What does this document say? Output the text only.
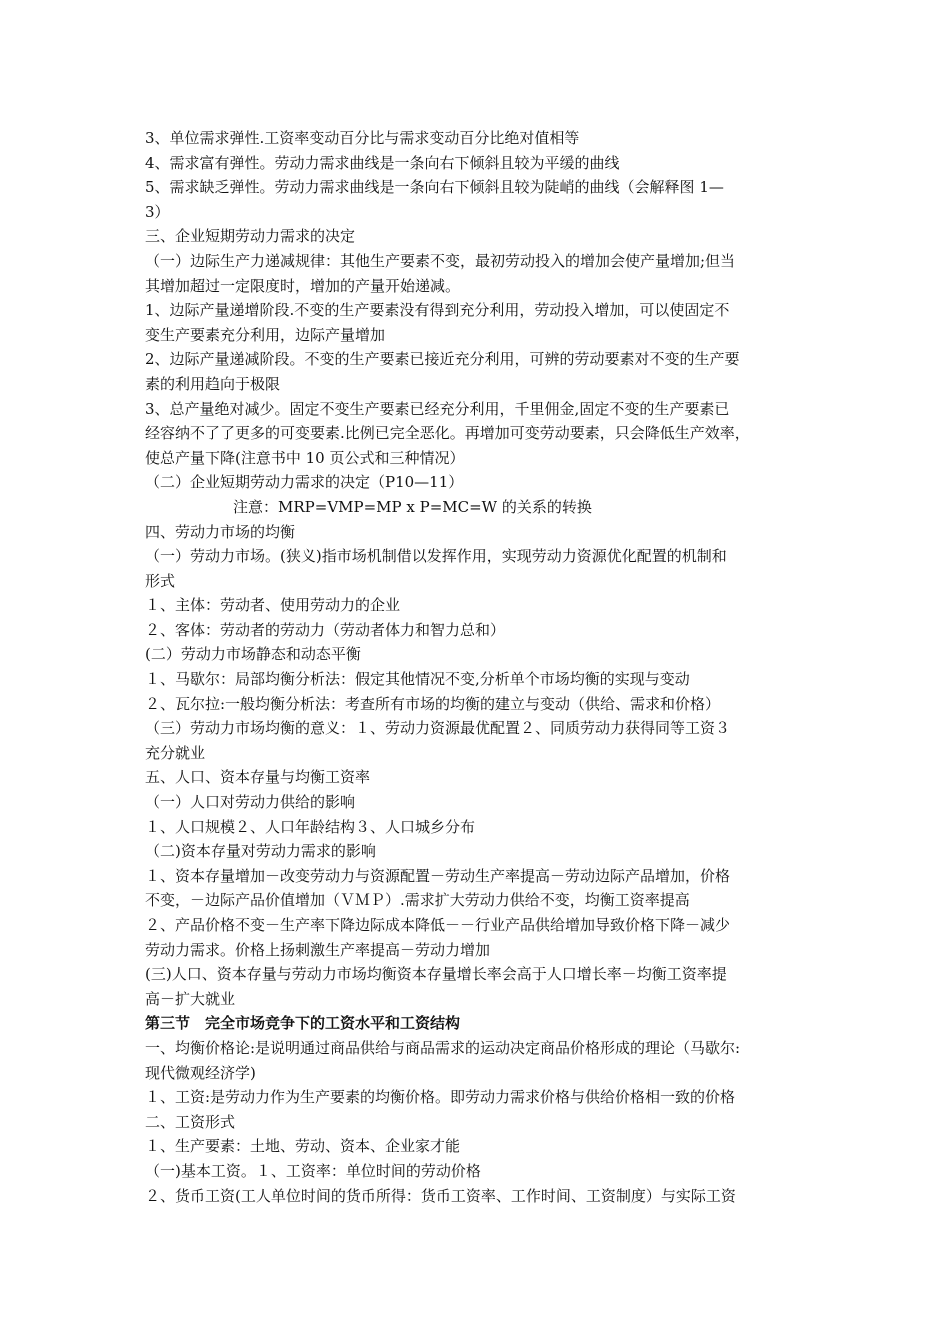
3、单位需求弹性.工资率变动百分比与需求变动百分比绝对值相等
4、需求富有弹性。劳动力需求曲线是一条向右下倾斜且较为平缓的曲线
5、需求缺乏弹性。劳动力需求曲线是一条向右下倾斜且较为陡峭的曲线（会解释图 1—
3）
三、企业短期劳动力需求的决定
（一）边际生产力递减规律：其他生产要素不变，最初劳动投入的增加会使产量增加;但当
其增加超过一定限度时，增加的产量开始递减。
1、边际产量递增阶段.不变的生产要素没有得到充分利用，劳动投入增加，可以使固定不
变生产要素充分利用，边际产量增加
2、边际产量递减阶段。不变的生产要素已接近充分利用，可辨的劳动要素对不变的生产要
素的利用趋向于极限
3、总产量绝对减少。固定不变生产要素已经充分利用，千里佣金,固定不变的生产要素已
经容纳不了了更多的可变要素.比例已完全恶化。再增加可变劳动要素，只会降低生产效率，
使总产量下降(注意书中 10 页公式和三种情况）
（二）企业短期劳动力需求的决定（P10—11）
注意：MRP=VMP=MP x P=MC=W 的关系的转换
四、劳动力市场的均衡
（一）劳动力市场。(狭义)指市场机制借以发挥作用，实现劳动力资源优化配置的机制和
形式
１、主体：劳动者、使用劳动力的企业
２、客体：劳动者的劳动力（劳动者体力和智力总和）
(二）劳动力市场静态和动态平衡
１、马歇尔：局部均衡分析法：假定其他情况不变,分析单个市场均衡的实现与变动
２、瓦尔拉:一般均衡分析法：考查所有市场的均衡的建立与变动（供给、需求和价格）
（三）劳动力市场均衡的意义：１、劳动力资源最优配置２、同质劳动力获得同等工资３
充分就业
五、人口、资本存量与均衡工资率
（一）人口对劳动力供给的影响
１、人口规模２、人口年龄结构３、人口城乡分布
（二)资本存量对劳动力需求的影响
１、资本存量增加－改变劳动力与资源配置－劳动生产率提高－劳动边际产品增加，价格
不变，－边际产品价值增加（ＶＭＰ）.需求扩大劳动力供给不变，均衡工资率提高
２、产品价格不变－生产率下降边际成本降低－－行业产品供给增加导致价格下降－减少
劳动力需求。价格上扬刺激生产率提高－劳动力增加
(三)人口、资本存量与劳动力市场均衡资本存量增长率会高于人口增长率－均衡工资率提
高－扩大就业
第三节　完全市场竞争下的工资水平和工资结构
一、均衡价格论:是说明通过商品供给与商品需求的运动决定商品价格形成的理论（马歇尔:
现代微观经济学)
１、工资:是劳动力作为生产要素的均衡价格。即劳动力需求价格与供给价格相一致的价格
二、工资形式
１、生产要素：土地、劳动、资本、企业家才能
（一)基本工资。１、工资率：单位时间的劳动价格
２、货币工资(工人单位时间的货币所得：货币工资率、工作时间、工资制度）与实际工资
